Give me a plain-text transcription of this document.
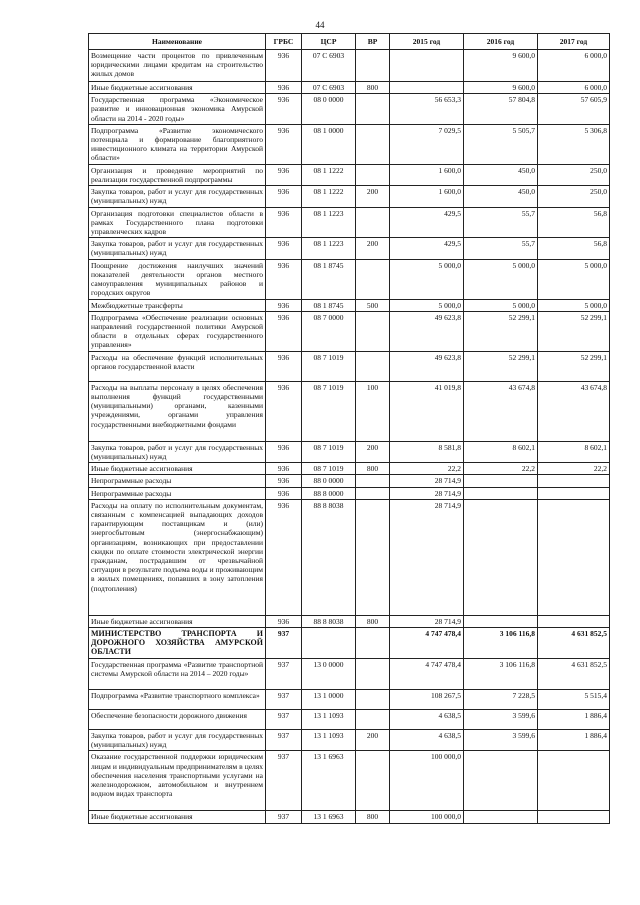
44
Наименование	ГРБС	ЦСР	ВР	2015 год	2016 год	2017 год
Возмещение части процентов по привлеченным юридическими лицами кредитам на строительство жилых домов	936	07 С 6903			9 600,0	6 000,0
Иные бюджетные ассигнования	936	07 С 6903	800		9 600,0	6 000,0
Государственная программа «Экономическое развитие и инновационная экономика Амурской области на 2014 - 2020 годы»	936	08 0 0000		56 653,3	57 804,8	57 605,9
Подпрограмма «Развитие экономического потенциала и формирование благоприятного инвестиционного климата на территории Амурской области»	936	08 1 0000		7 029,5	5 505,7	5 306,8
Организация и проведение мероприятий по реализации государственной подпрограммы	936	08 1 1222		1 600,0	450,0	250,0
Закупка товаров, работ и услуг для государственных (муниципальных) нужд	936	08 1 1222	200	1 600,0	450,0	250,0
Организация подготовки специалистов области в рамках Государственного плана подготовки управленческих кадров	936	08 1 1223		429,5	55,7	56,8
Закупка товаров, работ и услуг для государственных (муниципальных) нужд	936	08 1 1223	200	429,5	55,7	56,8
Поощрение достижения наилучших значений показателей деятельности органов местного самоуправления муниципальных районов и городских округов	936	08 1 8745		5 000,0	5 000,0	5 000,0
Межбюджетные трансферты	936	08 1 8745	500	5 000,0	5 000,0	5 000,0
Подпрограмма «Обеспечение реализации основных направлений государственной политики Амурской области в отдельных сферах государственного управления»	936	08 7 0000		49 623,8	52 299,1	52 299,1
Расходы на обеспечение функций исполнительных органов государственной власти	936	08 7 1019		49 623,8	52 299,1	52 299,1
Расходы на выплаты персоналу в целях обеспечения выполнения функций государственными (муниципальными) органами, казенными учреждениями, органами управления государственными внебюджетными фондами	936	08 7 1019	100	41 019,8	43 674,8	43 674,8
Закупка товаров, работ и услуг для государственных (муниципальных) нужд	936	08 7 1019	200	8 581,8	8 602,1	8 602,1
Иные бюджетные ассигнования	936	08 7 1019	800	22,2	22,2	22,2
Непрограммные расходы	936	88 0 0000		28 714,9		
Непрограммные расходы	936	88 8 0000		28 714,9		
Расходы на оплату по исполнительным документам, связанным с компенсацией выпадающих доходов гарантирующим поставщикам и (или) энергосбытовым (энергоснабжающим) организациям, возникающих при предоставлении скидки по оплате стоимости электрической энергии гражданам, пострадавшим от чрезвычайной ситуации в результате подъема воды и проживающим в жилых помещениях, попавших в зону затопления (подтопления)	936	88 8 8038		28 714,9		
Иные бюджетные ассигнования	936	88 8 8038	800	28 714,9		
МИНИСТЕРСТВО ТРАНСПОРТА И ДОРОЖНОГО ХОЗЯЙСТВА АМУРСКОЙ ОБЛАСТИ	937			4 747 478,4	3 106 116,8	4 631 852,5
Государственная программа «Развитие транспортной системы Амурской области на 2014 – 2020 годы»	937	13 0 0000		4 747 478,4	3 106 116,8	4 631 852,5
Подпрограмма «Развитие транспортного комплекса»	937	13 1 0000		108 267,5	7 228,5	5 515,4
Обеспечение безопасности дорожного движения	937	13 1 1093		4 638,5	3 599,6	1 886,4
Закупка товаров, работ и услуг для государственных (муниципальных) нужд	937	13 1 1093	200	4 638,5	3 599,6	1 886,4
Оказание государственной поддержки юридическим лицам и индивидуальным предпринимателям в целях обеспечения населения транспортными услугами на железнодорожном, автомобильном и внутреннем водном видах транспорта	937	13 1 6963		100 000,0		
Иные бюджетные ассигнования	937	13 1 6963	800	100 000,0		
